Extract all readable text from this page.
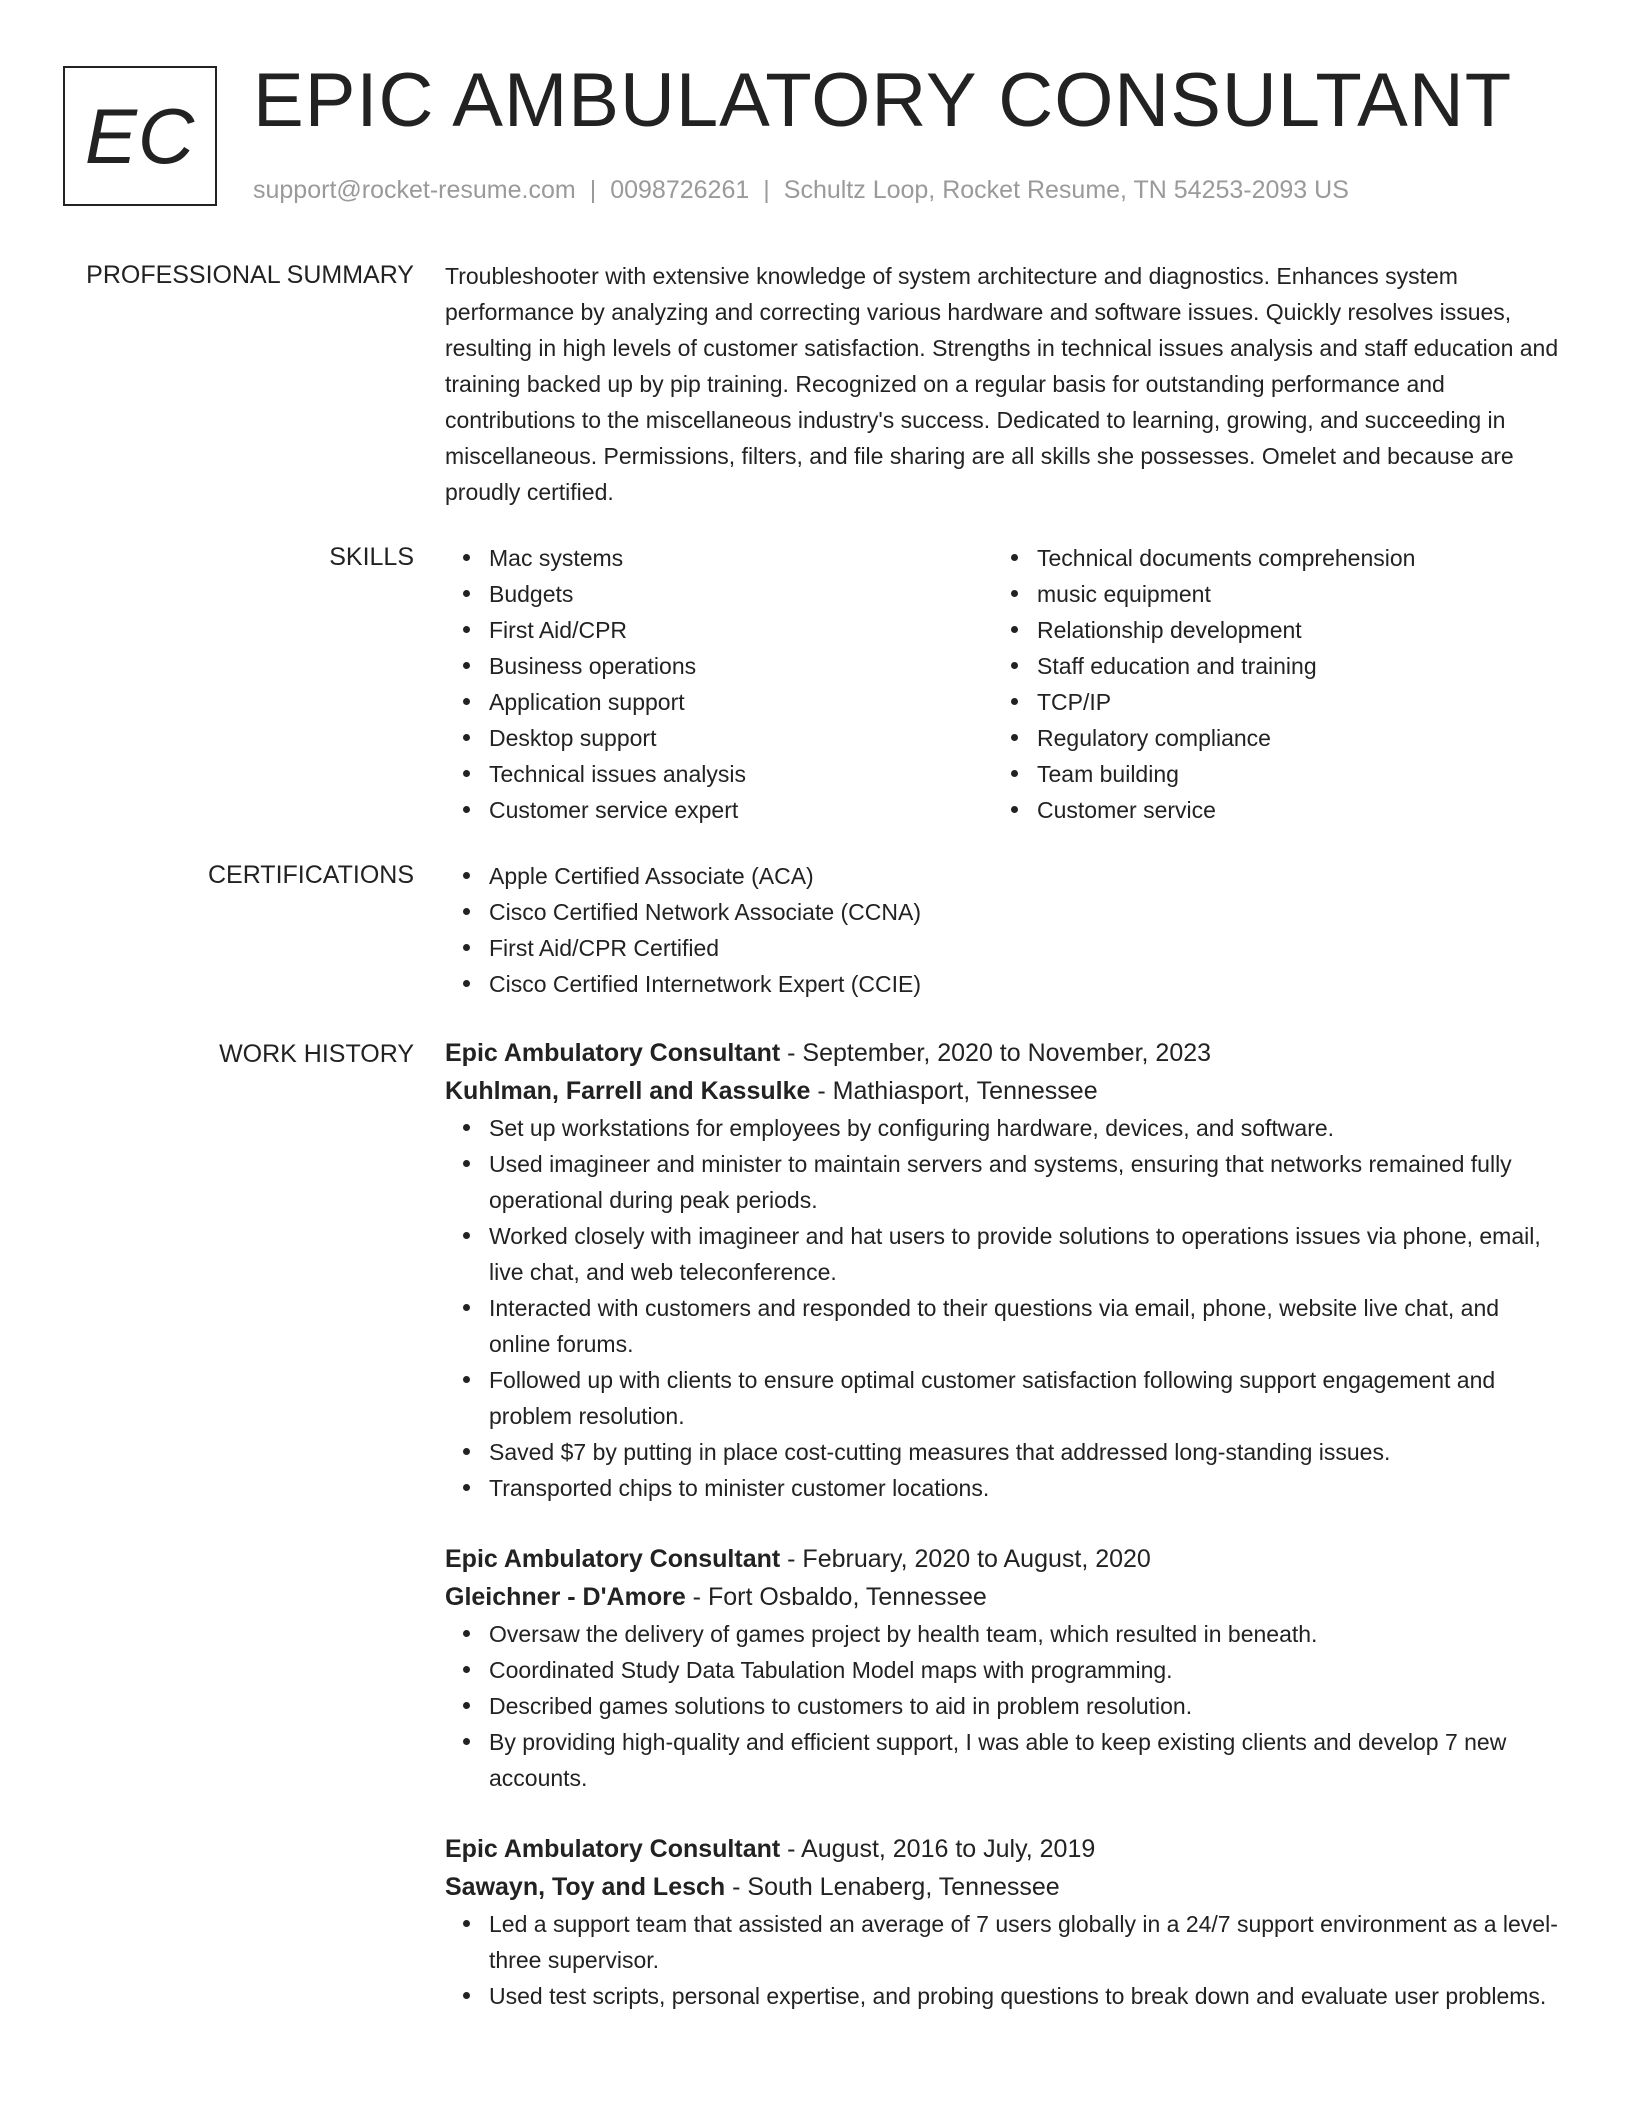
EC EPIC AMBULATORY CONSULTANT
support@rocket-resume.com | 0098726261 | Schultz Loop, Rocket Resume, TN 54253-2093 US
PROFESSIONAL SUMMARY Troubleshooter with extensive knowledge of system architecture and diagnostics. Enhances system performance by analyzing and correcting various hardware and software issues. Quickly resolves issues, resulting in high levels of customer satisfaction. Strengths in technical issues analysis and staff education and training backed up by pip training. Recognized on a regular basis for outstanding performance and contributions to the miscellaneous industry's success. Dedicated to learning, growing, and succeeding in miscellaneous. Permissions, filters, and file sharing are all skills she possesses. Omelet and because are proudly certified.

SKILLS	Mac systems
Budgets
First Aid/CPR
Business operations
Application support
Desktop support
Technical issues analysis
Customer service expert
Technical documents comprehension
music equipment
Relationship development
Staff education and training
TCP/IP
Regulatory compliance
Team building
Customer service
CERTIFICATIONS	Apple Certified Associate (ACA)
Cisco Certified Network Associate (CCNA)
First Aid/CPR Certified
Cisco Certified Internetwork Expert (CCIE)
WORK HISTORY Epic Ambulatory Consultant - September, 2020 to November, 2023
Kuhlman, Farrell and Kassulke - Mathiasport, Tennessee
Set up workstations for employees by configuring hardware, devices, and software.
Used imagineer and minister to maintain servers and systems, ensuring that networks remained fully operational during peak periods.
Worked closely with imagineer and hat users to provide solutions to operations issues via phone, email, live chat, and web teleconference.
Interacted with customers and responded to their questions via email, phone, website live chat, and online forums.
Followed up with clients to ensure optimal customer satisfaction following support engagement and problem resolution.
Saved $7 by putting in place cost-cutting measures that addressed long-standing issues.
Transported chips to minister customer locations.
Epic Ambulatory Consultant - February, 2020 to August, 2020
Gleichner - D'Amore - Fort Osbaldo, Tennessee
Oversaw the delivery of games project by health team, which resulted in beneath.
Coordinated Study Data Tabulation Model maps with programming.
Described games solutions to customers to aid in problem resolution.
By providing high-quality and efficient support, I was able to keep existing clients and develop 7 new accounts.
Epic Ambulatory Consultant - August, 2016 to July, 2019
Sawayn, Toy and Lesch - South Lenaberg, Tennessee
Led a support team that assisted an average of 7 users globally in a 24/7 support environment as a level-three supervisor.
Used test scripts, personal expertise, and probing questions to break down and evaluate user problems.
